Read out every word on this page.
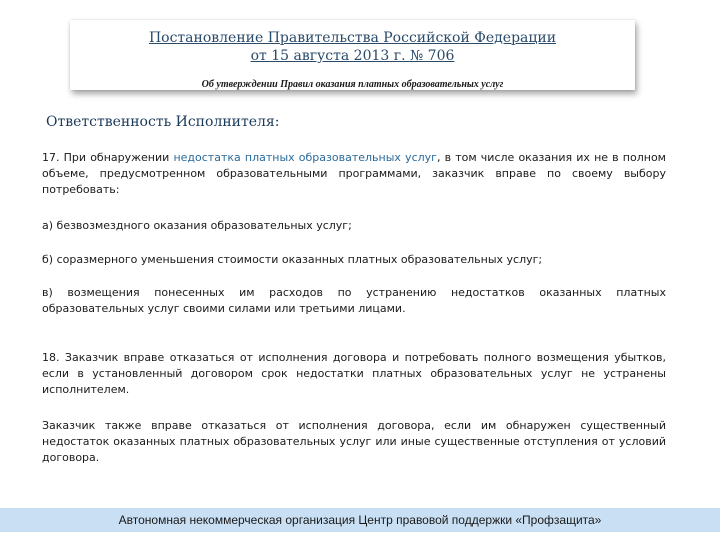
Постановление Правительства Российской Федерации
от 15 августа 2013 г. № 706
Об утверждении Правил оказания платных образовательных услуг
Ответственность Исполнителя:
17. При обнаружении недостатка платных образовательных услуг, в том числе оказания их не в полном объеме, предусмотренном образовательными программами, заказчик вправе по своему выбору потребовать:
а) безвозмездного оказания образовательных услуг;
б) соразмерного уменьшения стоимости оказанных платных образовательных услуг;
в) возмещения понесенных им расходов по устранению недостатков оказанных платных образовательных услуг своими силами или третьими лицами.
18. Заказчик вправе отказаться от исполнения договора и потребовать полного возмещения убытков, если в установленный договором срок недостатки платных образовательных услуг не устранены исполнителем.
Заказчик также вправе отказаться от исполнения договора, если им обнаружен существенный недостаток оказанных платных образовательных услуг или иные существенные отступления от условий договора.
Автономная некоммерческая организация Центр правовой поддержки «Профзащита»
